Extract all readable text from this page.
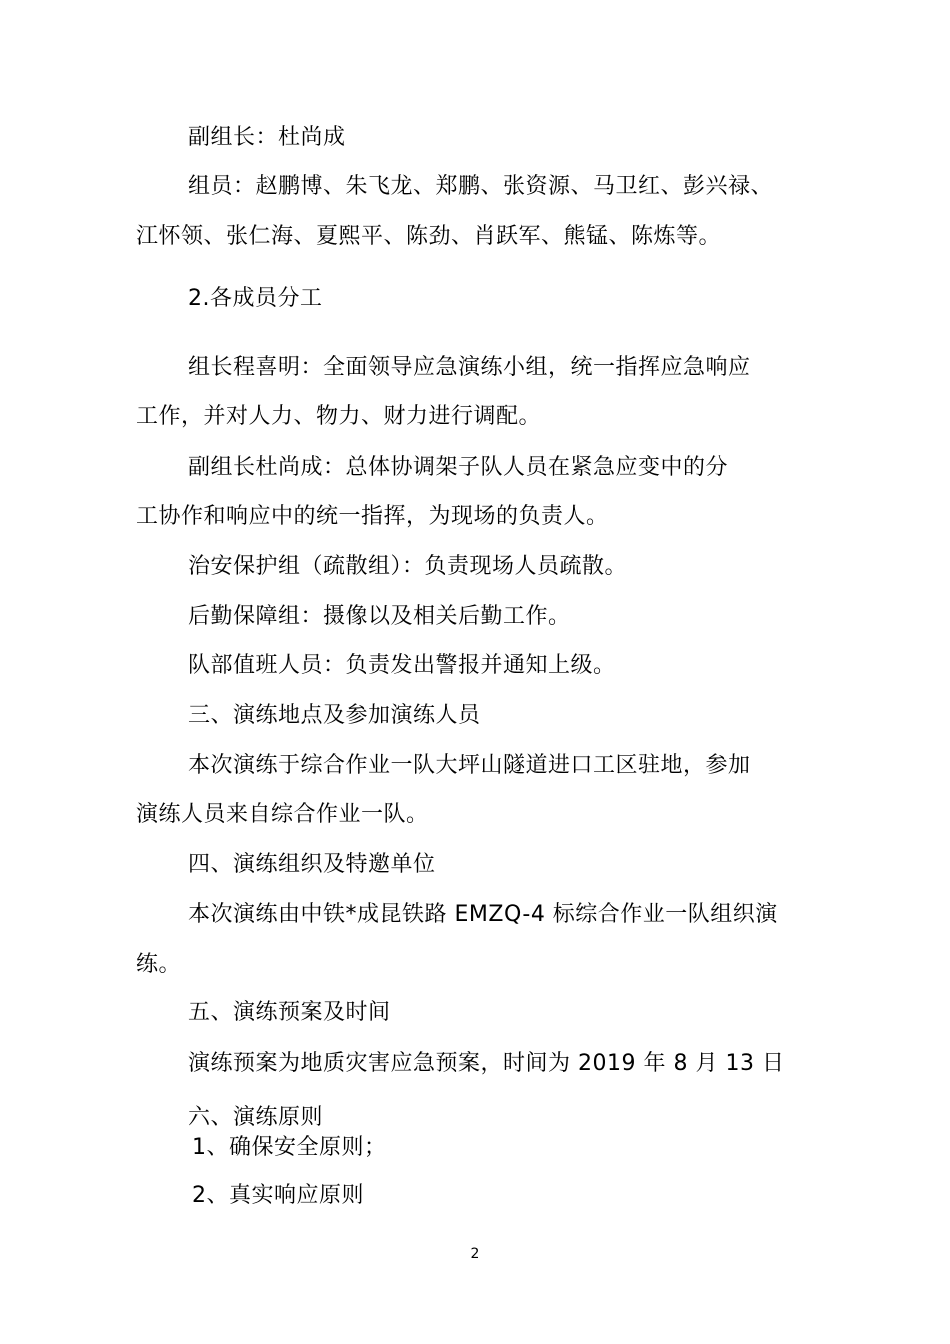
副组长：杜尚成
组员：赵鹏博、朱飞龙、郑鹏、张资源、马卫红、彭兴禄、
江怀领、张仁海、夏熙平、陈劲、肖跃军、熊锰、陈炼等。
2.各成员分工
组长程喜明：全面领导应急演练小组，统一指挥应急响应
工作，并对人力、物力、财力进行调配。
副组长杜尚成：总体协调架子队人员在紧急应变中的分
工协作和响应中的统一指挥，为现场的负责人。
治安保护组（疏散组）：负责现场人员疏散。
后勤保障组：摄像以及相关后勤工作。
队部值班人员：负责发出警报并通知上级。
三、演练地点及参加演练人员
本次演练于综合作业一队大坪山隧道进口工区驻地，参加
演练人员来自综合作业一队。
四、演练组织及特邀单位
本次演练由中铁*成昆铁路 EMZQ-4 标综合作业一队组织演
练。
五、演练预案及时间
演练预案为地质灾害应急预案，时间为 2019 年 8 月 13 日
六、演练原则
1、确保安全原则；
2、真实响应原则
2
